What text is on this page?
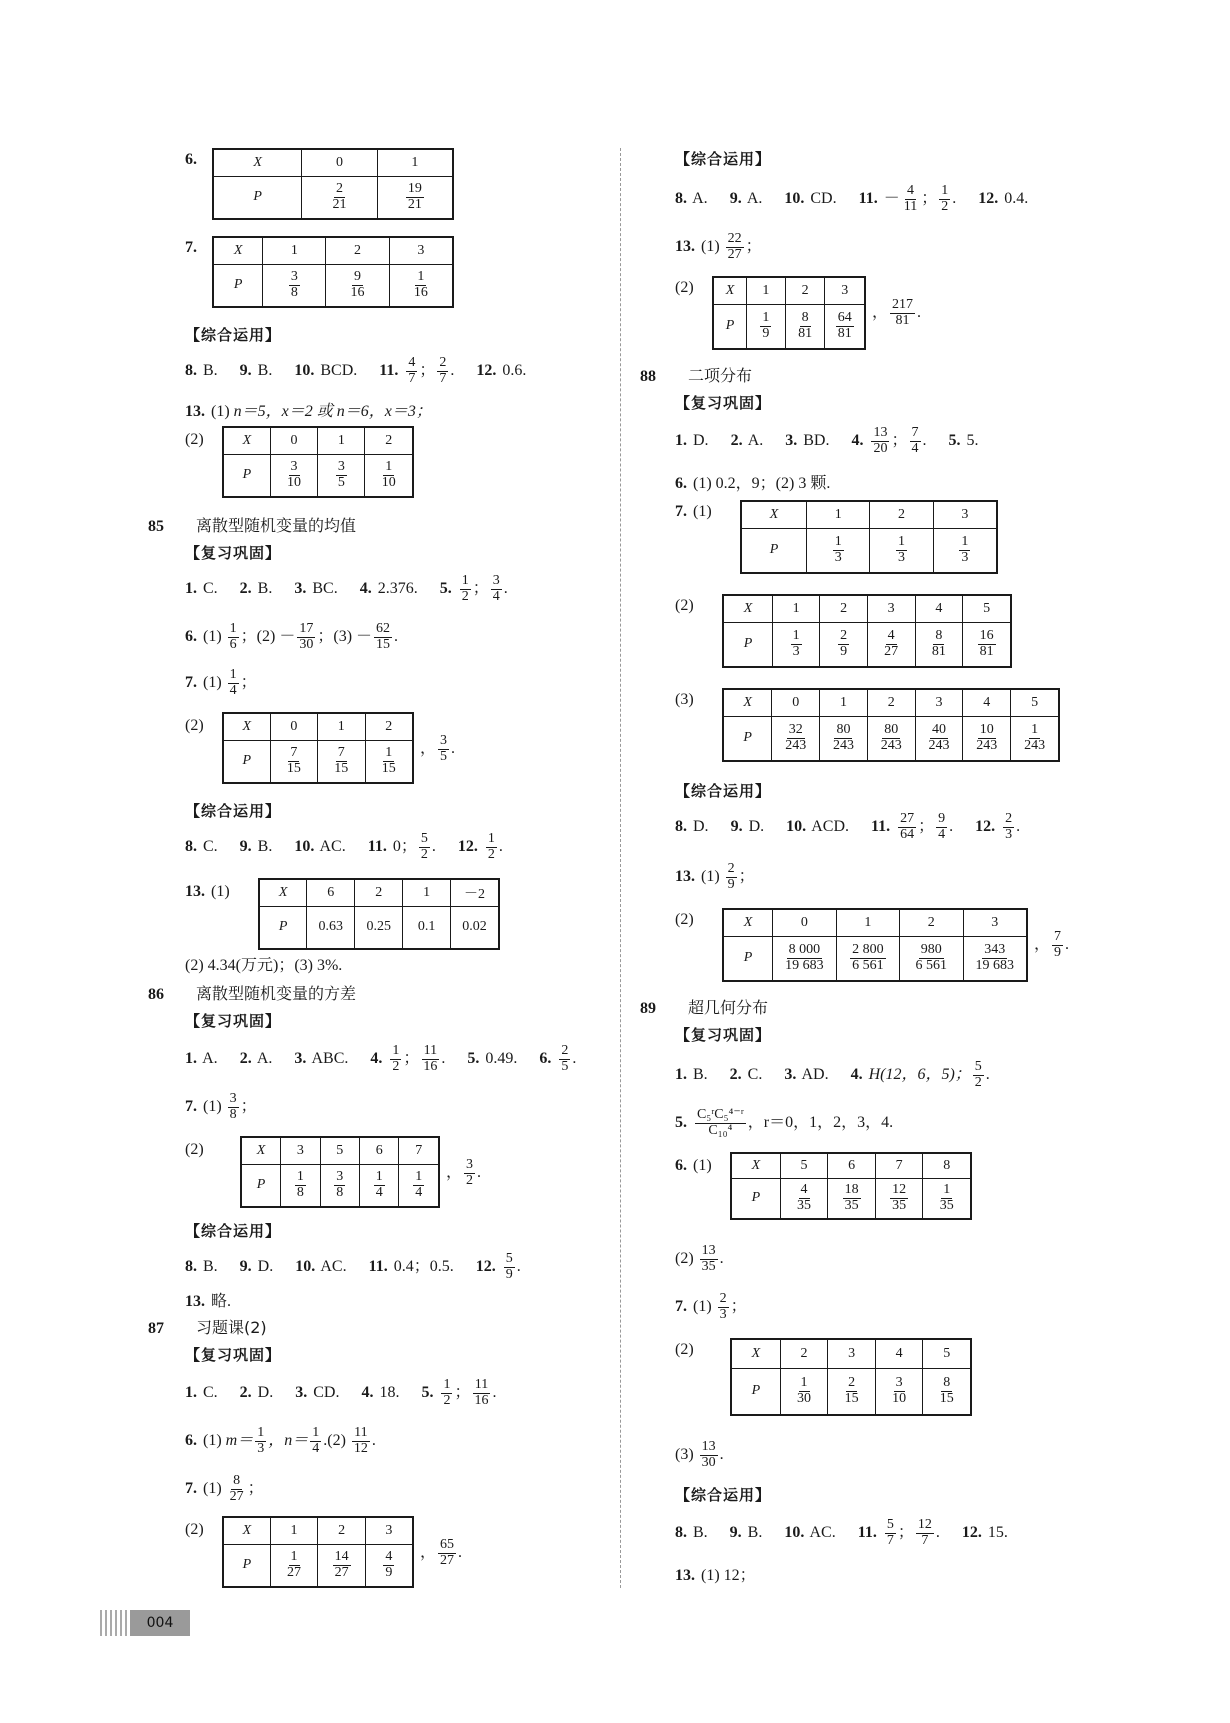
6.	X	0	1
P	$\frac{2}{21}$	$\frac{19}{21}$
7.	X	1	2	3
P	$\frac{3}{8}$	$\frac{9}{16}$	$\frac{1}{16}$
【综合运用】
8. B. 9. B. 10. BCD. 11. $\frac{4}{7}$ ； $\frac{2}{7}$ . 12. 0.6.
13. (1) n＝5，x＝2 或 n＝6，x＝3；
(2)	X	0	1	2
P	$\frac{3}{10}$	$\frac{3}{5}$	$\frac{1}{10}$
85 离散型随机变量的均值
【复习巩固】
1. C. 2. B. 3. BC. 4. 2.376. 5. $\frac{1}{2}$ ； $\frac{3}{4}$ .
6. $(1) \frac{1}{6}$ ；$(2) - \frac{17}{30}$ ；$(3) - \frac{62}{15}$ .
7. $(1) \frac{1}{4}$ ；
(2)	X	0	1	2
P	$\frac{7}{15}$	$\frac{7}{15}$	$\frac{1}{15}$ ， $\frac{3}{5}$ .
【综合运用】
8. C. 9. B. 10. AC. 11. 0； $\frac{5}{2}$ . 12. $\frac{1}{2}$ .
13. (1)	X	6	2	1	－2
P	0.63	0.25	0.1	0.02
(2) 4.34(万元)；(3) 3%.
86 离散型随机变量的方差
【复习巩固】
1. A. 2. A. 3. ABC. 4. $\frac{1}{2}$ ； $\frac{11}{16}$ . 5. 0.49. 6. $\frac{2}{5}$ .
7. $(1) \frac{3}{8}$ ；
(2)	X	3	5	6	7
P	$\frac{1}{8}$	$\frac{3}{8}$	$\frac{1}{4}$	$\frac{1}{4}$ ， $\frac{3}{2}$ .
【综合运用】
8. B. 9. D. 10. AC. 11. 0.4；0.5. 12. $\frac{5}{9}$ .
13. 略.
87 习题课(2)
【复习巩固】
1. C. 2. D. 3. CD. 4. 18. 5. $\frac{1}{2}$ ； $\frac{11}{16}$ .
6. (1) $m= \frac{1}{3}$ ，$n= \frac{1}{4} .(2) \frac{11}{12}$ .
7. $(1) \frac{8}{27}$ ；
(2)	X	1	2	3
P	$\frac{1}{27}$	$\frac{14}{27}$	$\frac{4}{9}$ ， $\frac{65}{27}$ .
【综合运用】
8. A. 9. A. 10. CD. 11. － $\frac{4}{11}$ ； $\frac{1}{2}$ . 12. 0.4.
13. $(1) \frac{22}{27}$ ；
(2) X	1	2	3
P	$\frac{1}{9}$	$\frac{8}{81}$	$\frac{64}{81}$ ， $\frac{217}{81}$ .
88 二项分布
【复习巩固】
1. D. 2. A. 3. BD. 4. $\frac{13}{20}$ ； $\frac{7}{4}$ . 5. 5.
6. (1) 0.2，9；(2) 3 颗.
7. (1)	X	1	2	3
P	$\frac{1}{3}$	$\frac{1}{3}$	$\frac{1}{3}$
(2)	X	1	2	3	4	5
P	$\frac{1}{3}$	$\frac{2}{9}$	$\frac{4}{27}$	$\frac{8}{81}$	$\frac{16}{81}$
(3)	X	0	1	2	3	4	5
P	$\frac{32}{243}$	$\frac{80}{243}$	$\frac{80}{243}$	$\frac{40}{243}$	$\frac{10}{243}$	$\frac{1}{243}$
【综合运用】
8. D. 9. D. 10. ACD. 11. $\frac{27}{64}$ ； $\frac{9}{4}$ . 12. $\frac{2}{3}$ .
13. $(1) \frac{2}{9}$ ；
(2)	X	0	1	2	3
P	$\frac{8 000}{19 683}$	$\frac{2 800}{6 561}$	$\frac{980}{6 561}$	$\frac{343}{19 683}$ ， $\frac{7}{9}$ .
89 超几何分布
【复习巩固】
1. B. 2. C. 3. AD. 4. H(12，6，5)； $\frac{5}{2}$ .
5. $\frac{\text{C₅ʳC₅⁴⁻ʳ}}{\text{C₁₀⁴}}$ ，r＝0，1，2，3，4.
6. (1)	X	5	6	7	8
P	$\frac{4}{35}$	$\frac{18}{35}$	$\frac{12}{35}$	$\frac{1}{35}$
$(2) \frac{13}{35}$ .
7. $(1) \frac{2}{3}$ ；
(2)	X	2	3	4	5
P	$\frac{1}{30}$	$\frac{2}{15}$	$\frac{3}{10}$	$\frac{8}{15}$
$(3) \frac{13}{30}$ .
【综合运用】
8. B. 9. B. 10. AC. 11. $\frac{5}{7}$ ； $\frac{12}{7}$ . 12. 15.
13. (1) 12；
004
